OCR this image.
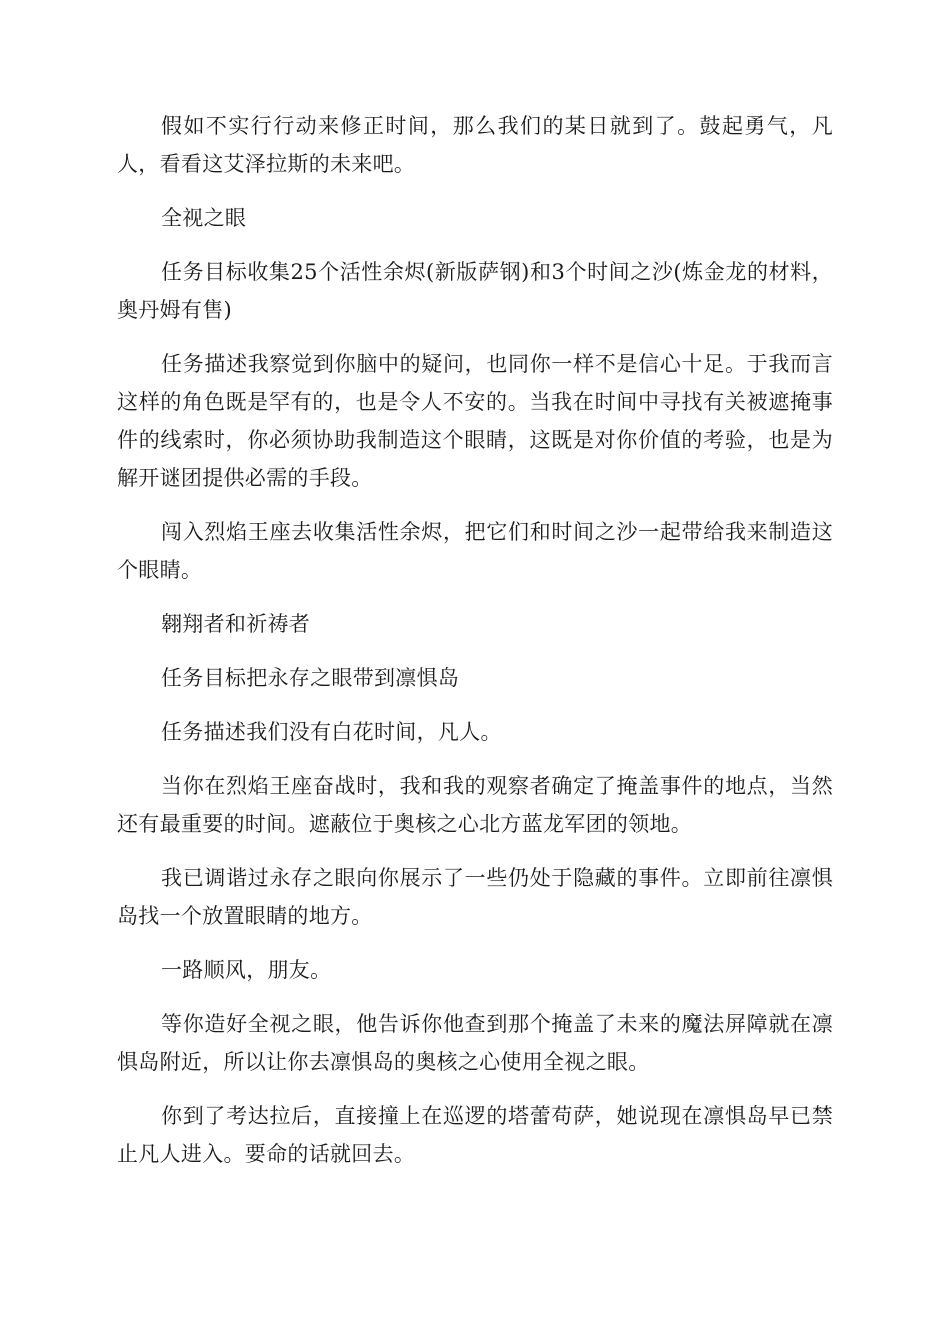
假如不实行行动来修正时间，那么我们的某日就到了。鼓起勇气，凡人，看看这艾泽拉斯的未来吧。

全视之眼

任务目标收集25个活性余烬(新版萨钢)和3个时间之沙(炼金龙的材料，奥丹姆有售)

任务描述我察觉到你脑中的疑问，也同你一样不是信心十足。于我而言这样的角色既是罕有的，也是令人不安的。当我在时间中寻找有关被遮掩事件的线索时，你必须协助我制造这个眼睛，这既是对你价值的考验，也是为解开谜团提供必需的手段。

闯入烈焰王座去收集活性余烬，把它们和时间之沙一起带给我来制造这个眼睛。

翱翔者和祈祷者

任务目标把永存之眼带到凛惧岛

任务描述我们没有白花时间，凡人。

当你在烈焰王座奋战时，我和我的观察者确定了掩盖事件的地点，当然还有最重要的时间。遮蔽位于奥核之心北方蓝龙军团的领地。

我已调谐过永存之眼向你展示了一些仍处于隐藏的事件。立即前往凛惧岛找一个放置眼睛的地方。

一路顺风，朋友。

等你造好全视之眼，他告诉你他查到那个掩盖了未来的魔法屏障就在凛惧岛附近，所以让你去凛惧岛的奥核之心使用全视之眼。

你到了考达拉后，直接撞上在巡逻的塔蕾苟萨，她说现在凛惧岛早已禁止凡人进入。要命的话就回去。
